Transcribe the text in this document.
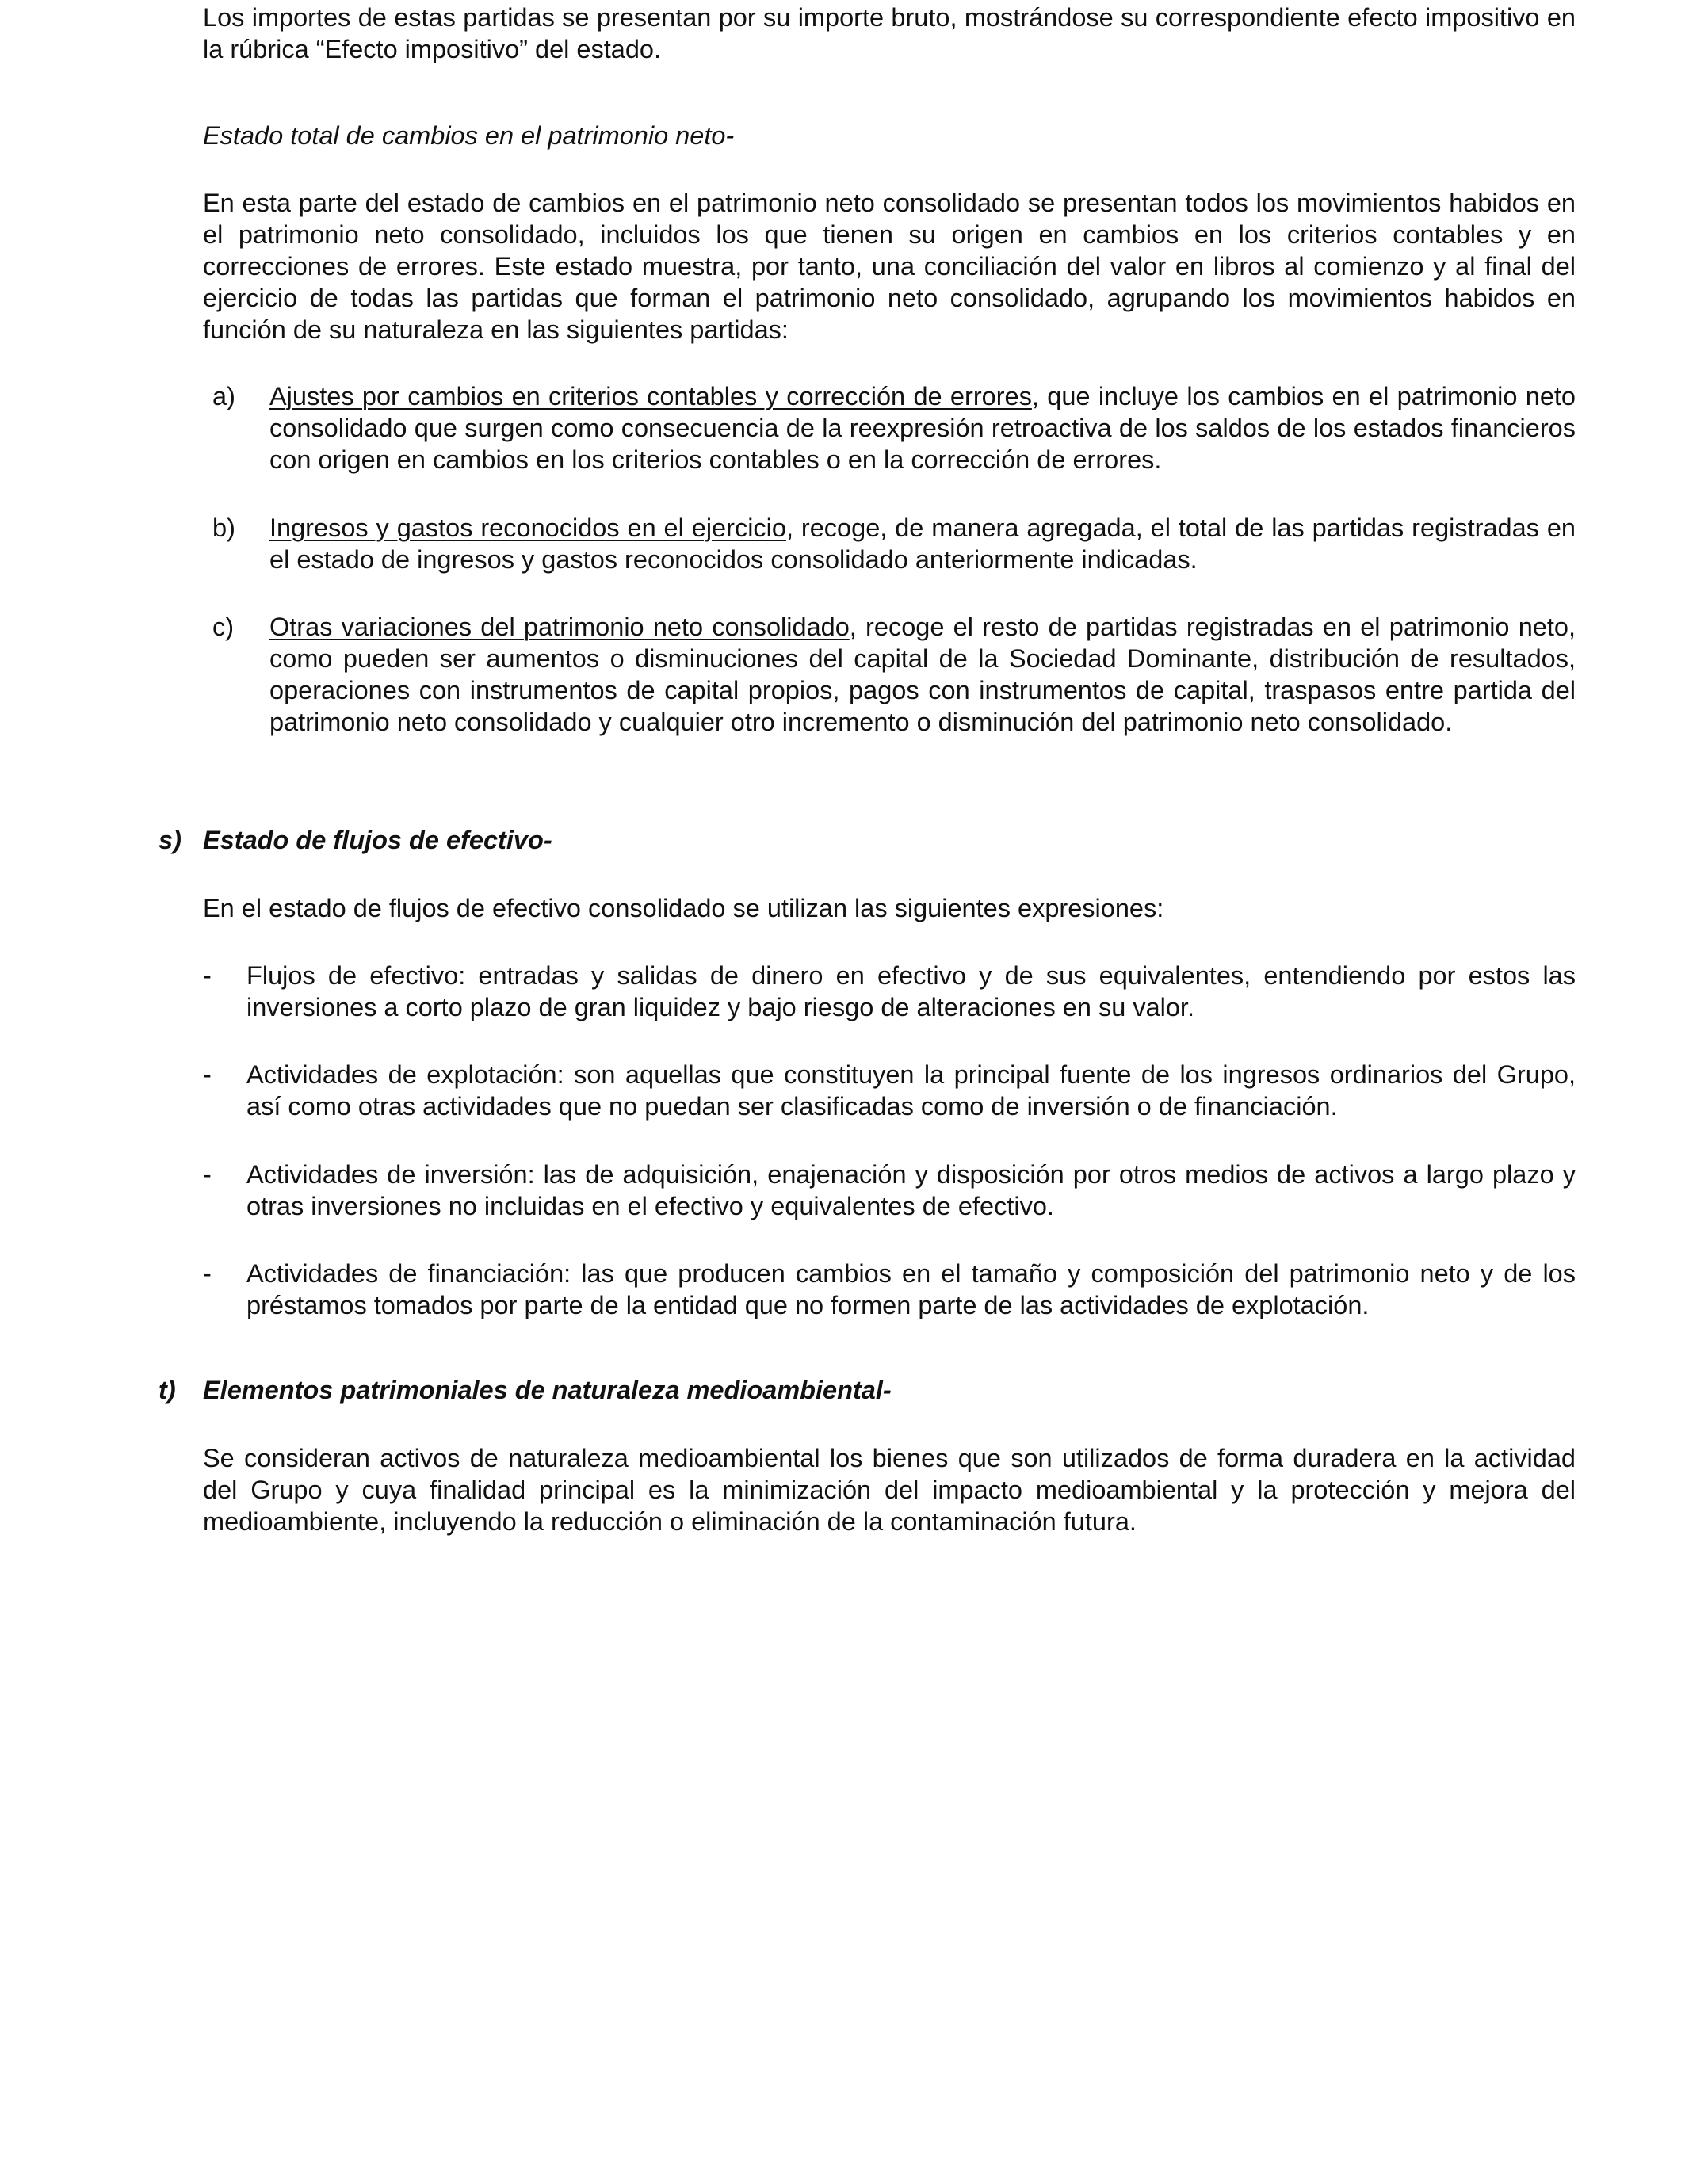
Los importes de estas partidas se presentan por su importe bruto, mostrándose su correspondiente efecto impositivo en la rúbrica “Efecto impositivo” del estado.

Estado total de cambios en el patrimonio neto-

En esta parte del estado de cambios en el patrimonio neto consolidado se presentan todos los movimientos habidos en el patrimonio neto consolidado, incluidos los que tienen su origen en cambios en los criterios contables y en correcciones de errores. Este estado muestra, por tanto, una conciliación del valor en libros al comienzo y al final del ejercicio de todas las partidas que forman el patrimonio neto consolidado, agrupando los movimientos habidos en función de su naturaleza en las siguientes partidas:

a) Ajustes por cambios en criterios contables y corrección de errores, que incluye los cambios en el patrimonio neto consolidado que surgen como consecuencia de la reexpresión retroactiva de los saldos de los estados financieros con origen en cambios en los criterios contables o en la corrección de errores.
b) Ingresos y gastos reconocidos en el ejercicio, recoge, de manera agregada, el total de las partidas registradas en el estado de ingresos y gastos reconocidos consolidado anteriormente indicadas.
c) Otras variaciones del patrimonio neto consolidado, recoge el resto de partidas registradas en el patrimonio neto, como pueden ser aumentos o disminuciones del capital de la Sociedad Dominante, distribución de resultados, operaciones con instrumentos de capital propios, pagos con instrumentos de capital, traspasos entre partida del patrimonio neto consolidado y cualquier otro incremento o disminución del patrimonio neto consolidado.

s) Estado de flujos de efectivo-

En el estado de flujos de efectivo consolidado se utilizan las siguientes expresiones:

- Flujos de efectivo: entradas y salidas de dinero en efectivo y de sus equivalentes, entendiendo por estos las inversiones a corto plazo de gran liquidez y bajo riesgo de alteraciones en su valor.
- Actividades de explotación: son aquellas que constituyen la principal fuente de los ingresos ordinarios del Grupo, así como otras actividades que no puedan ser clasificadas como de inversión o de financiación.
- Actividades de inversión: las de adquisición, enajenación y disposición por otros medios de activos a largo plazo y otras inversiones no incluidas en el efectivo y equivalentes de efectivo.
- Actividades de financiación: las que producen cambios en el tamaño y composición del patrimonio neto y de los préstamos tomados por parte de la entidad que no formen parte de las actividades de explotación.

t) Elementos patrimoniales de naturaleza medioambiental-

Se consideran activos de naturaleza medioambiental los bienes que son utilizados de forma duradera en la actividad del Grupo y cuya finalidad principal es la minimización del impacto medioambiental y la protección y mejora del medioambiente, incluyendo la reducción o eliminación de la contaminación futura.
